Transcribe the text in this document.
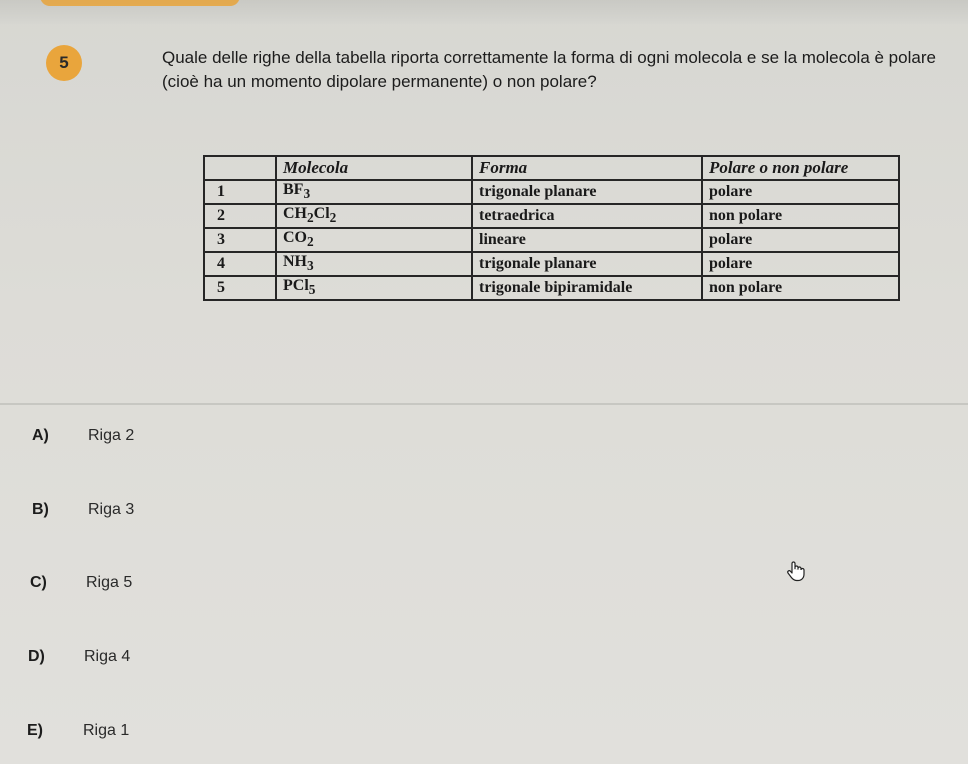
5	Quale delle righe della tabella riporta correttamente la forma di ogni molecola e se la molecola è polare (cioè ha un momento dipolare permanente) o non polare?

	Molecola	Forma	Polare o non polare
1	$BF_3$	trigonale planare	polare
2	$CH_2Cl_2$	tetraedrica	non polare
3	$CO_2$	lineare	polare
4	$NH_3$	trigonale planare	polare
5	PCl$_5$	trigonale bipiramidale	non polare
A)	Riga 2
B)	Riga 3
C)	Riga 5
D)	Riga 4
E)	Riga 1
